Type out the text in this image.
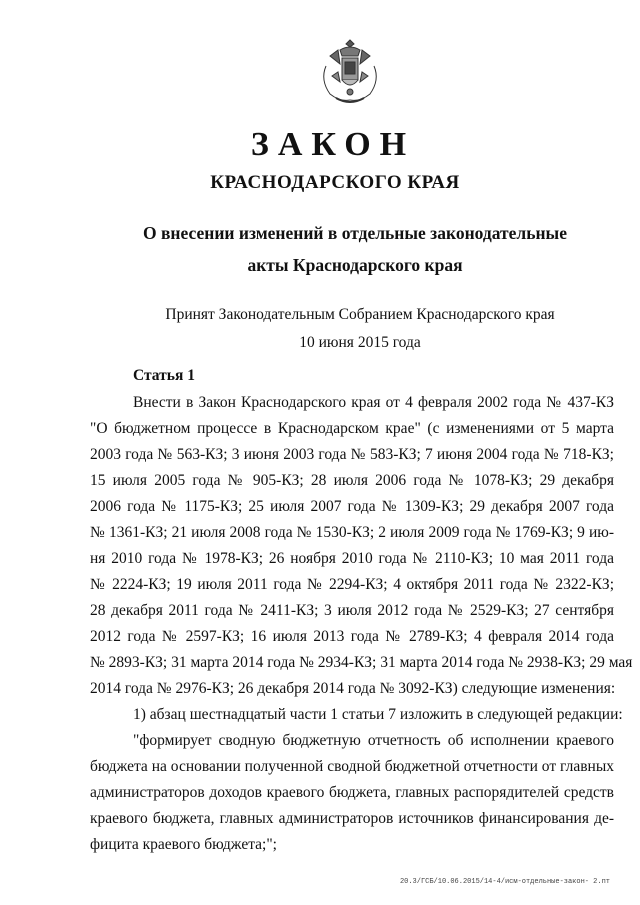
ЗАКОН
КРАСНОДАРСКОГО КРАЯ
О внесении изменений в отдельные законодательные
акты Краснодарского края
Принят Законодательным Собранием Краснодарского края
10 июня 2015 года
Статья 1
Внести в Закон Краснодарского края от 4 февраля 2002 года № 437-КЗ
"О бюджетном процессе в Краснодарском крае" (с изменениями от 5 марта
2003 года № 563-КЗ; 3 июня 2003 года № 583-КЗ; 7 июня 2004 года № 718-КЗ;
15 июля 2005 года № 905-КЗ; 28 июля 2006 года № 1078-КЗ; 29 декабря
2006 года № 1175-КЗ; 25 июля 2007 года № 1309-КЗ; 29 декабря 2007 года
№ 1361-КЗ; 21 июля 2008 года № 1530-КЗ; 2 июля 2009 года № 1769-КЗ; 9 ию-
ня 2010 года № 1978-КЗ; 26 ноября 2010 года № 2110-КЗ; 10 мая 2011 года
№ 2224-КЗ; 19 июля 2011 года № 2294-КЗ; 4 октября 2011 года № 2322-КЗ;
28 декабря 2011 года № 2411-КЗ; 3 июля 2012 года № 2529-КЗ; 27 сентября
2012 года № 2597-КЗ; 16 июля 2013 года № 2789-КЗ; 4 февраля 2014 года
№ 2893-КЗ; 31 марта 2014 года № 2934-КЗ; 31 марта 2014 года № 2938-КЗ; 29 мая
2014 года № 2976-КЗ; 26 декабря 2014 года № 3092-КЗ) следующие изменения:
1) абзац шестнадцатый части 1 статьи 7 изложить в следующей редакции:
"формирует сводную бюджетную отчетность об исполнении краевого
бюджета на основании полученной сводной бюджетной отчетности от главных
администраторов доходов краевого бюджета, главных распорядителей средств
краевого бюджета, главных администраторов источников финансирования де-
фицита краевого бюджета;";
20.3/ГСБ/10.06.2015/14-4/исм-отдельные-закон- 2.пт
